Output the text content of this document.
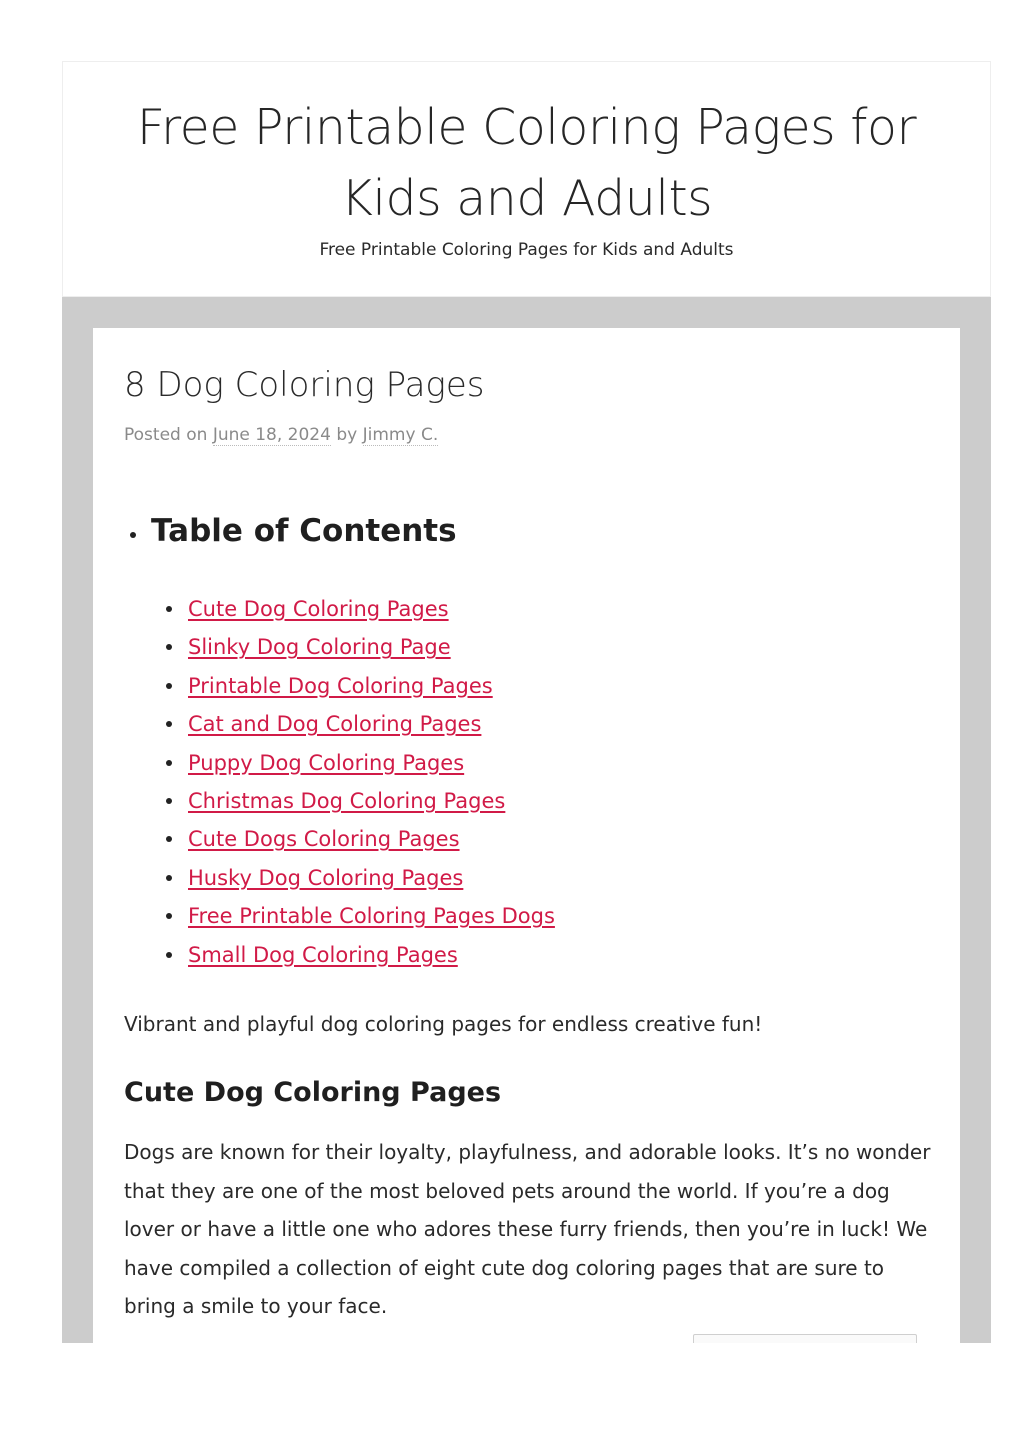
Free Printable Coloring Pages for Kids and Adults
Free Printable Coloring Pages for Kids and Adults
8 Dog Coloring Pages
Posted on June 18, 2024 by Jimmy C.
Table of Contents
Cute Dog Coloring Pages
Slinky Dog Coloring Page
Printable Dog Coloring Pages
Cat and Dog Coloring Pages
Puppy Dog Coloring Pages
Christmas Dog Coloring Pages
Cute Dogs Coloring Pages
Husky Dog Coloring Pages
Free Printable Coloring Pages Dogs
Small Dog Coloring Pages

Vibrant and playful dog coloring pages for endless creative fun!

Cute Dog Coloring Pages

Dogs are known for their loyalty, playfulness, and adorable looks. It’s no wonder that they are one of the most beloved pets around the world. If you’re a dog lover or have a little one who adores these furry friends, then you’re in luck! We have compiled a collection of eight cute dog coloring pages that are sure to bring a smile to your face.
